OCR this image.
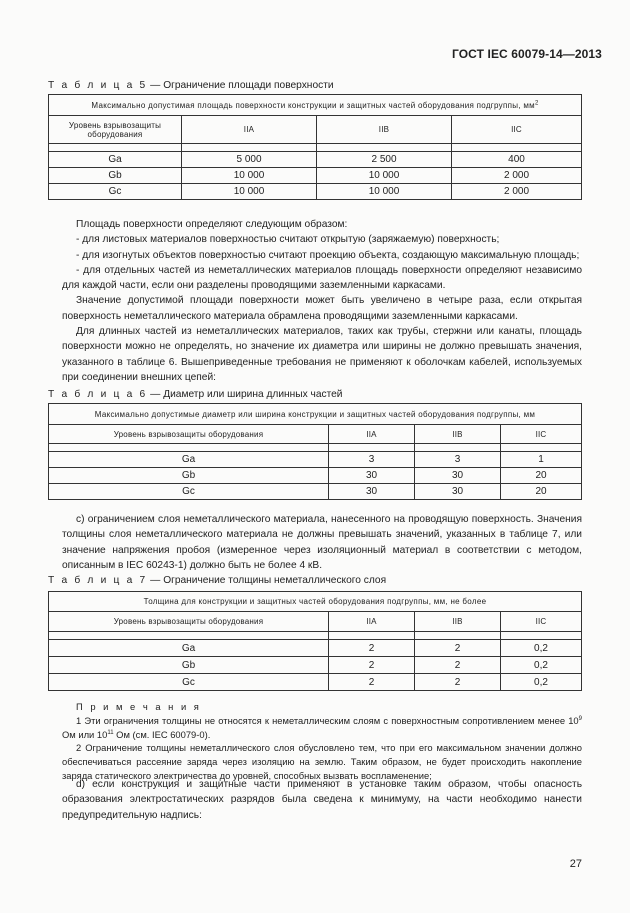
ГОСТ IEC 60079-14—2013
Т а б л и ц а 5 — Ограничение площади поверхности
Максимально допустимая площадь поверхности конструкции и защитных частей оборудования подгруппы, $мм^2$
Уровень взрывозащиты оборудования	IIA	IIB	IIC

Ga	5 000	2 500	400
Gb	10 000	10 000	2 000
Gc	10 000	10 000	2 000

Площадь поверхности определяют следующим образом:

- для листовых материалов поверхностью считают открытую (заряжаемую) поверхность;

- для изогнутых объектов поверхностью считают проекцию объекта, создающую максимальную площадь;

- для отдельных частей из неметаллических материалов площадь поверхности определяют независимо для каждой части, если они разделены проводящими заземленными каркасами.

Значение допустимой площади поверхности может быть увеличено в четыре раза, если открытая поверхность неметаллического материала обрамлена проводящими заземленными каркасами.

Для длинных частей из неметаллических материалов, таких как трубы, стержни или канаты, площадь поверхности можно не определять, но значение их диаметра или ширины не должно превышать значения, указанного в таблице 6. Вышеприведенные требования не применяют к оболочкам кабелей, используемых при соединении внешних цепей:

Т а б л и ц а 6 — Диаметр или ширина длинных частей
Максимально допустимые диаметр или ширина конструкции и защитных частей оборудования подгруппы, мм			
Уровень взрывозащиты оборудования	IIA	IIB	IIC

Ga	3	3	1
Gb	30	30	20
Gc	30	30	20

с) ограничением слоя неметаллического материала, нанесенного на проводящую поверхность. Значения толщины слоя неметаллического материала не должны превышать значений, указанных в таблице 7, или значение напряжения пробоя (измеренное через изоляционный материал в соответствии с методом, описанным в IEC 60243-1) должно быть не более 4 кВ.

Т а б л и ц а 7 — Ограничение толщины неметаллического слоя
Толщина для конструкции и защитных частей оборудования подгруппы, мм, не более			
Уровень взрывозащиты оборудования	IIA	IIB	IIC

Ga	2	2	0,2
Gb	2	2	0,2
Gc	2	2	0,2

П р и м е ч а н и я

1 Эти ограничения толщины не относятся к неметаллическим слоям с поверхностным сопротивлением менее $10^9$ Ом или $10^{11}$ Ом (см. IEC 60079-0).

2 Ограничение толщины неметаллического слоя обусловлено тем, что при его максимальном значении должно обеспечиваться рассеяние заряда через изоляцию на землю. Таким образом, не будет происходить накопление заряда статического электричества до уровней, способных вызвать воспламенение;

d) если конструкция и защитные части применяют в установке таким образом, чтобы опасность образования электростатических разрядов была сведена к минимуму, на части необходимо нанести предупредительную надпись:

27
